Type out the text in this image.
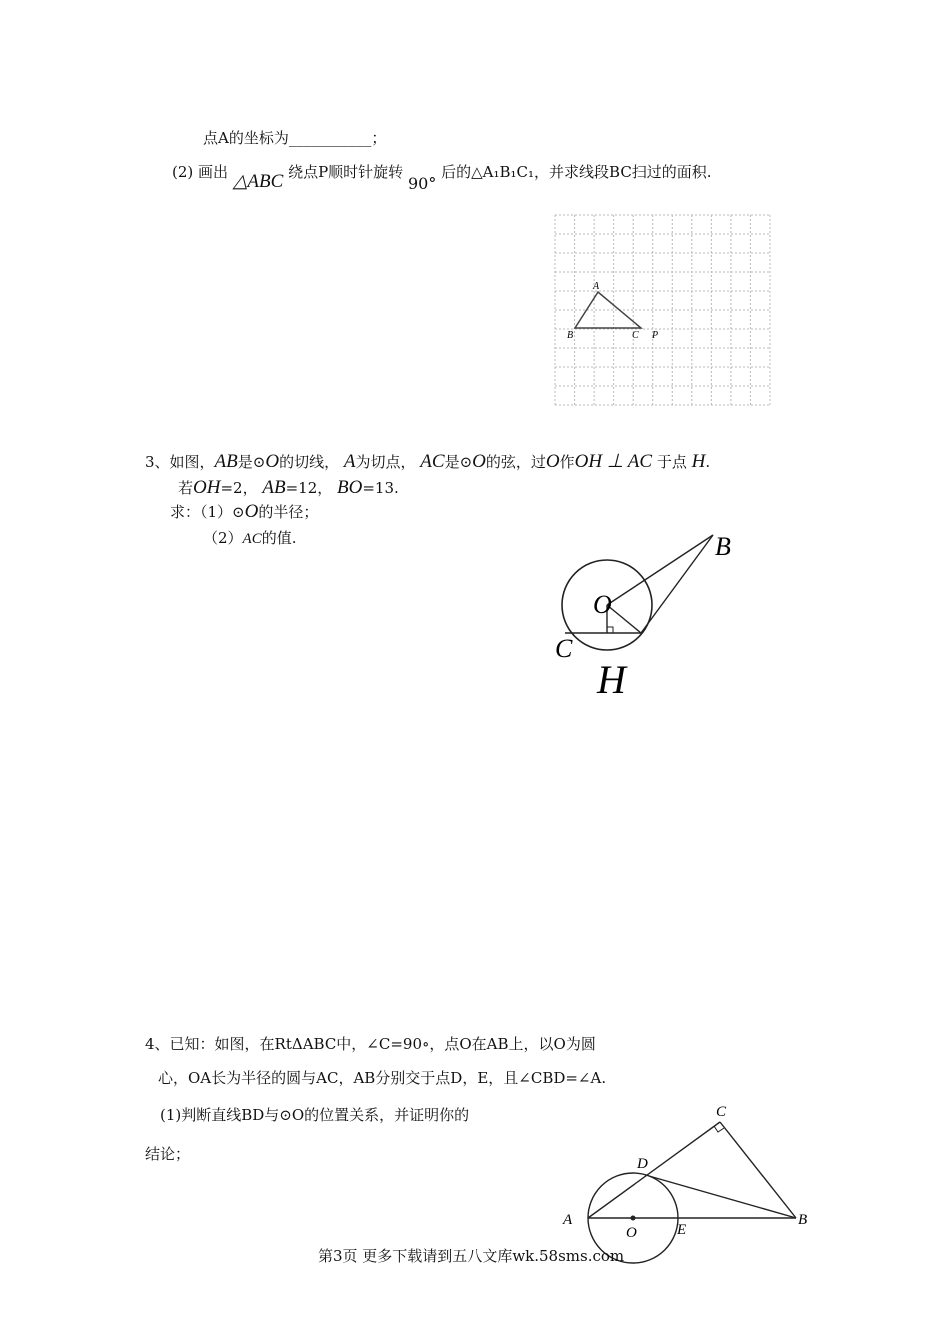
点A的坐标为___________；
(2) 画出 △ABC 绕点P顺时针旋转 90° 后的△A₁B₁C₁，并求线段BC扫过的面积.
A
B	C P
3、如图，AB是⊙O的切线， A为切点， AC是⊙O的弦，过O作OH ⊥ AC 于点 H.
若OH=2， AB=12， BO=13.
求：（1）⊙O的半径；
（2）AC的值.	B
O
C
H
4、已知：如图，在RtΔABC中，∠C=90∘，点O在AB上，以O为圆
心，OA长为半径的圆与AC，AB分别交于点D，E，且∠CBD=∠A.
(1)判断直线BD与⊙O的位置关系，并证明你的
结论；
A	B
C
D
E
O
第3页 更多下载请到五八文库wk.58sms.com
